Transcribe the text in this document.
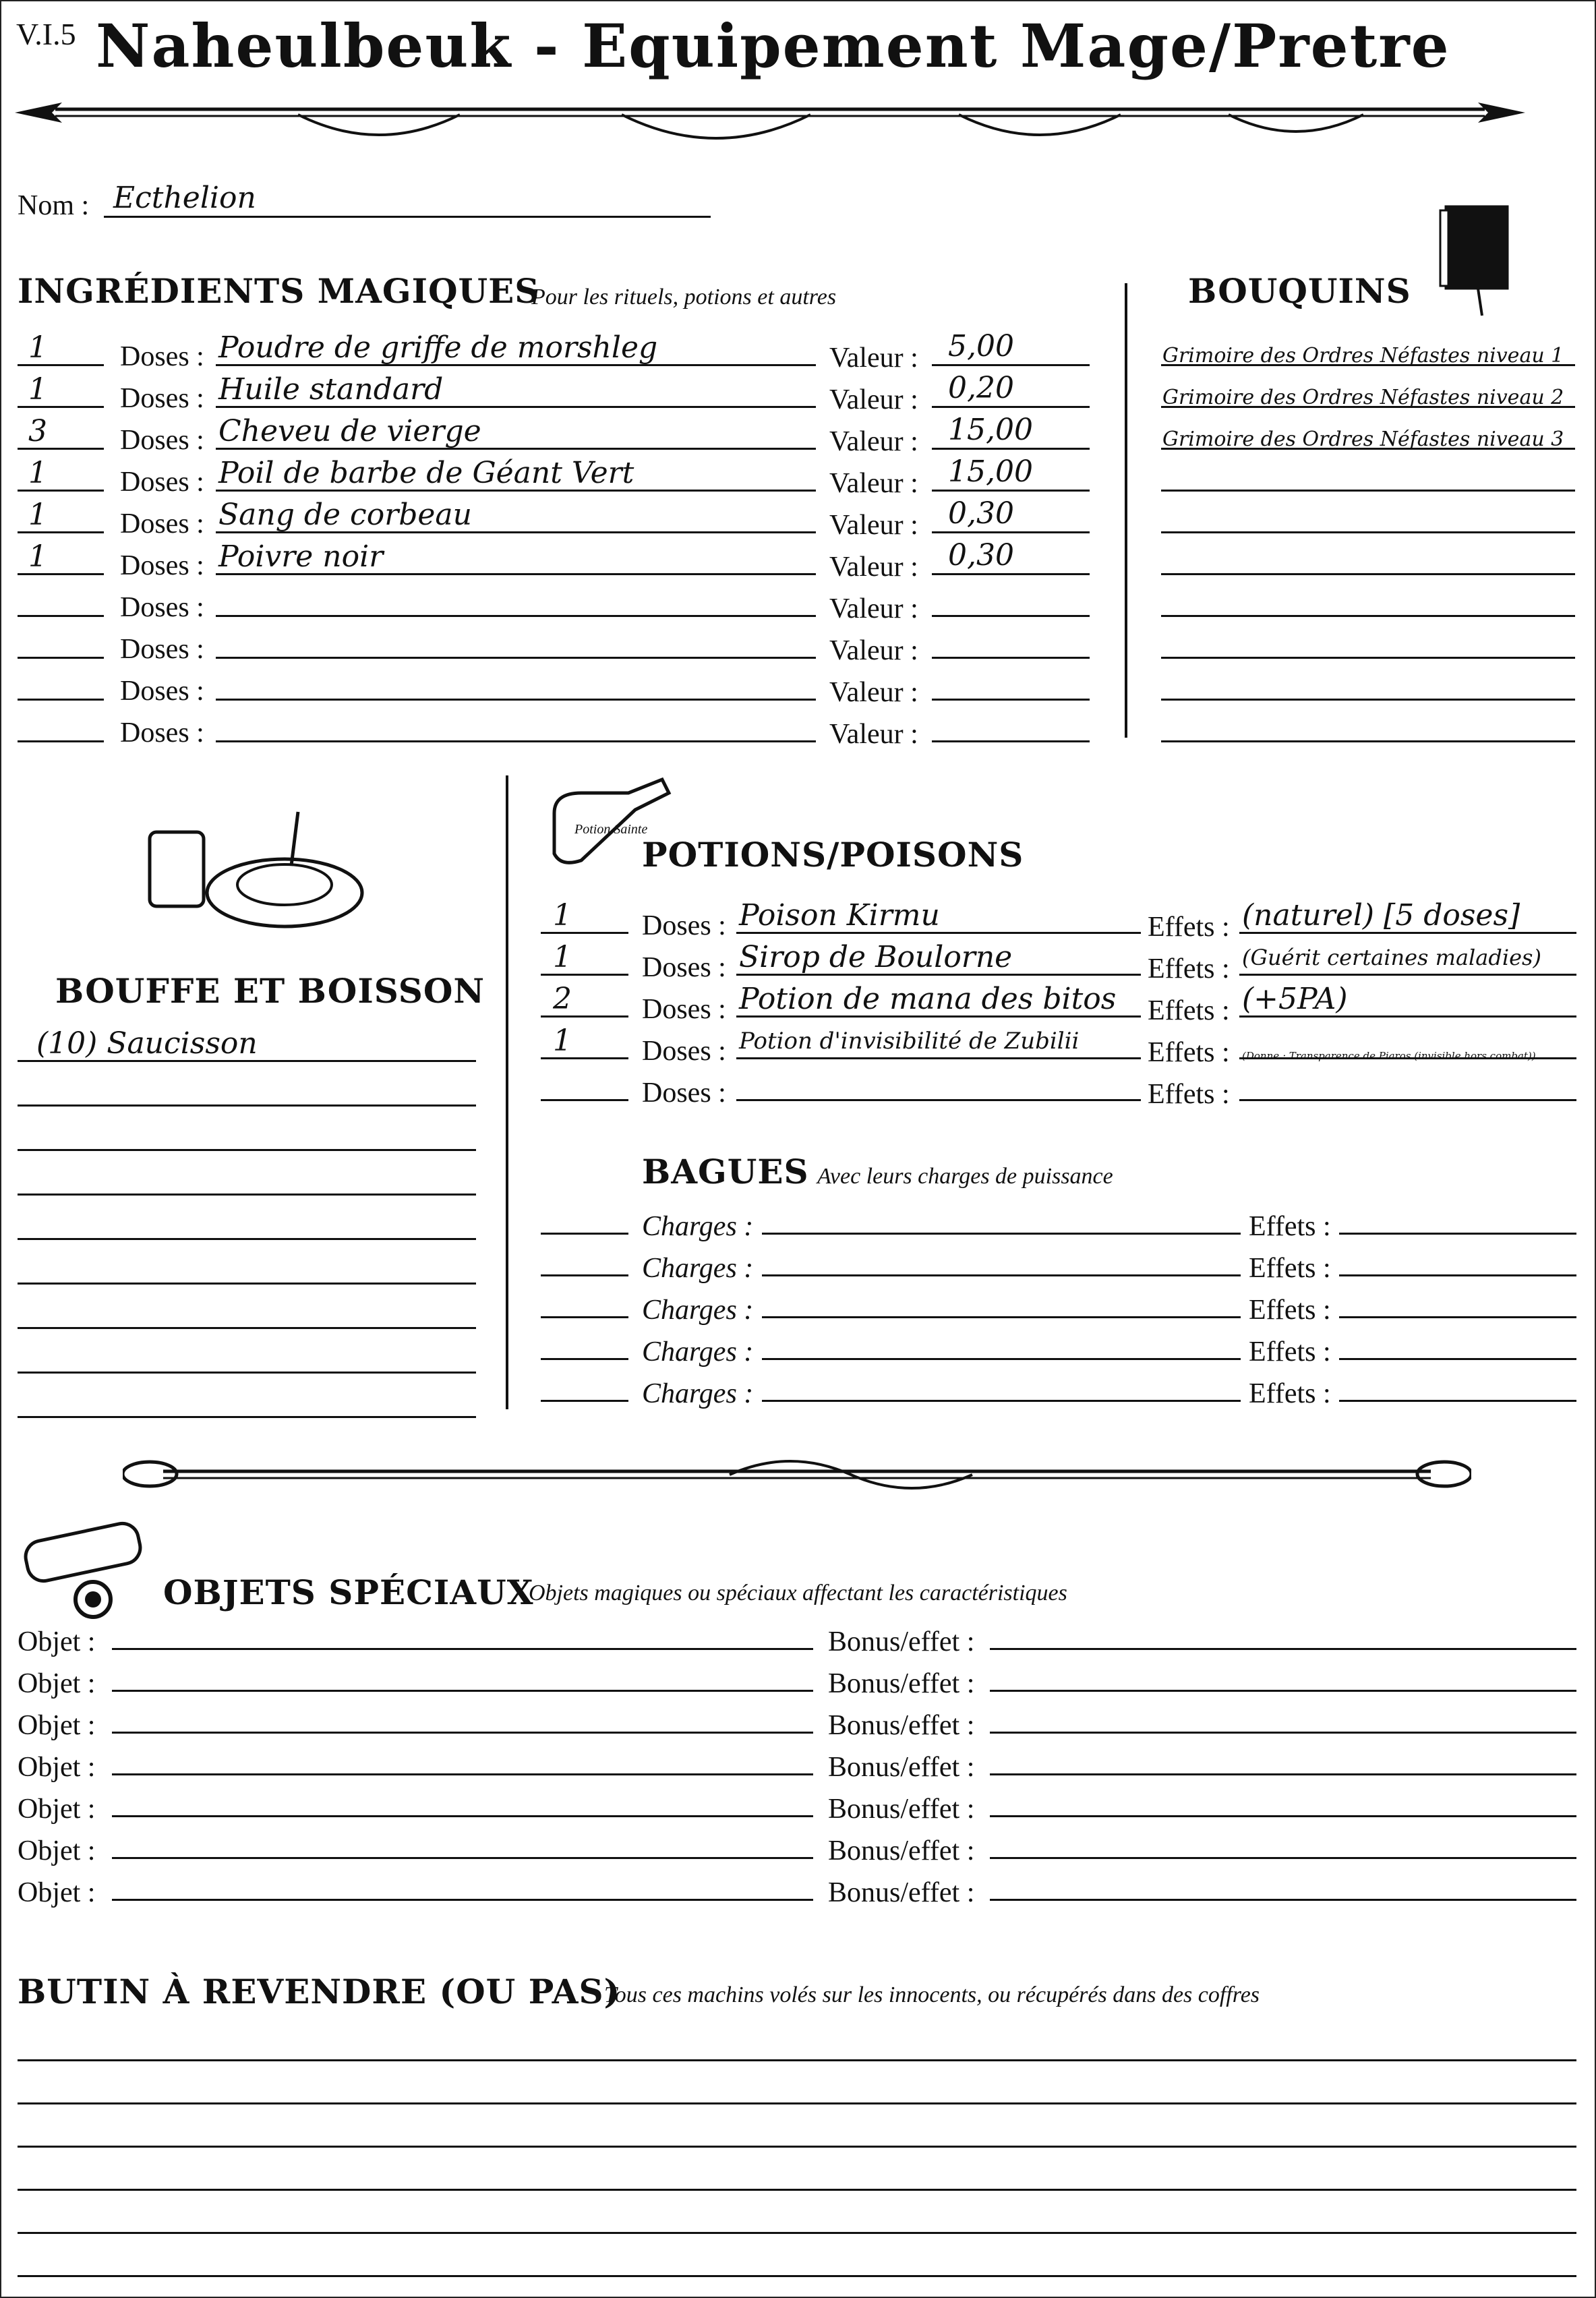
V.I.5 Naheulbeuk - Equipement Mage/Pretre
Nom : Ecthelion
INGRÉDIENTS MAGIQUES
Pour les rituels, potions et autres
1	Doses : Poudre de griffe de morshleg	Valeur : 5,00
1	Doses : Huile standard	Valeur : 0,20
3	Doses : Cheveu de vierge	Valeur : 15,00
1	Doses : Poil de barbe de Géant Vert	Valeur : 15,00
1	Doses : Sang de corbeau	Valeur : 0,30
1	Doses : Poivre noir	Valeur : 0,30
Doses :	Valeur :
Doses :	Valeur :
Doses :	Valeur :
Doses :	Valeur :
BOUQUINS
Grimoire des Ordres Néfastes niveau 1
Grimoire des Ordres Néfastes niveau 2
Grimoire des Ordres Néfastes niveau 3
BOUFFE ET BOISSON
(10) Saucisson
Potion Sainte
POTIONS/POISONS
1 Doses : Poison Kirmu	Effets : (naturel) [5 doses]
1 Doses : Sirop de Boulorne	Effets : (Guérit certaines maladies)
2 Doses : Potion de mana des bitos Effets : (+5PA)
1 Doses : Potion d'invisibilité de Zubilii Effets : (Donne : Transparence de Piaros (invisible hors combat))
Doses :	Effets :
BAGUES Avec leurs charges de puissance
Charges :	Effets :
Charges :	Effets :
Charges :	Effets :
Charges :	Effets :
Charges :	Effets :
OBJETS SPÉCIAUX
Objets magiques ou spéciaux affectant les caractéristiques
Objet :	Bonus/effet :
Objet :	Bonus/effet :
Objet :	Bonus/effet :
Objet :	Bonus/effet :
Objet :	Bonus/effet :
Objet :	Bonus/effet :
Objet :	Bonus/effet :
BUTIN À REVENDRE (OU PAS)
Tous ces machins volés sur les innocents, ou récupérés dans des coffres
